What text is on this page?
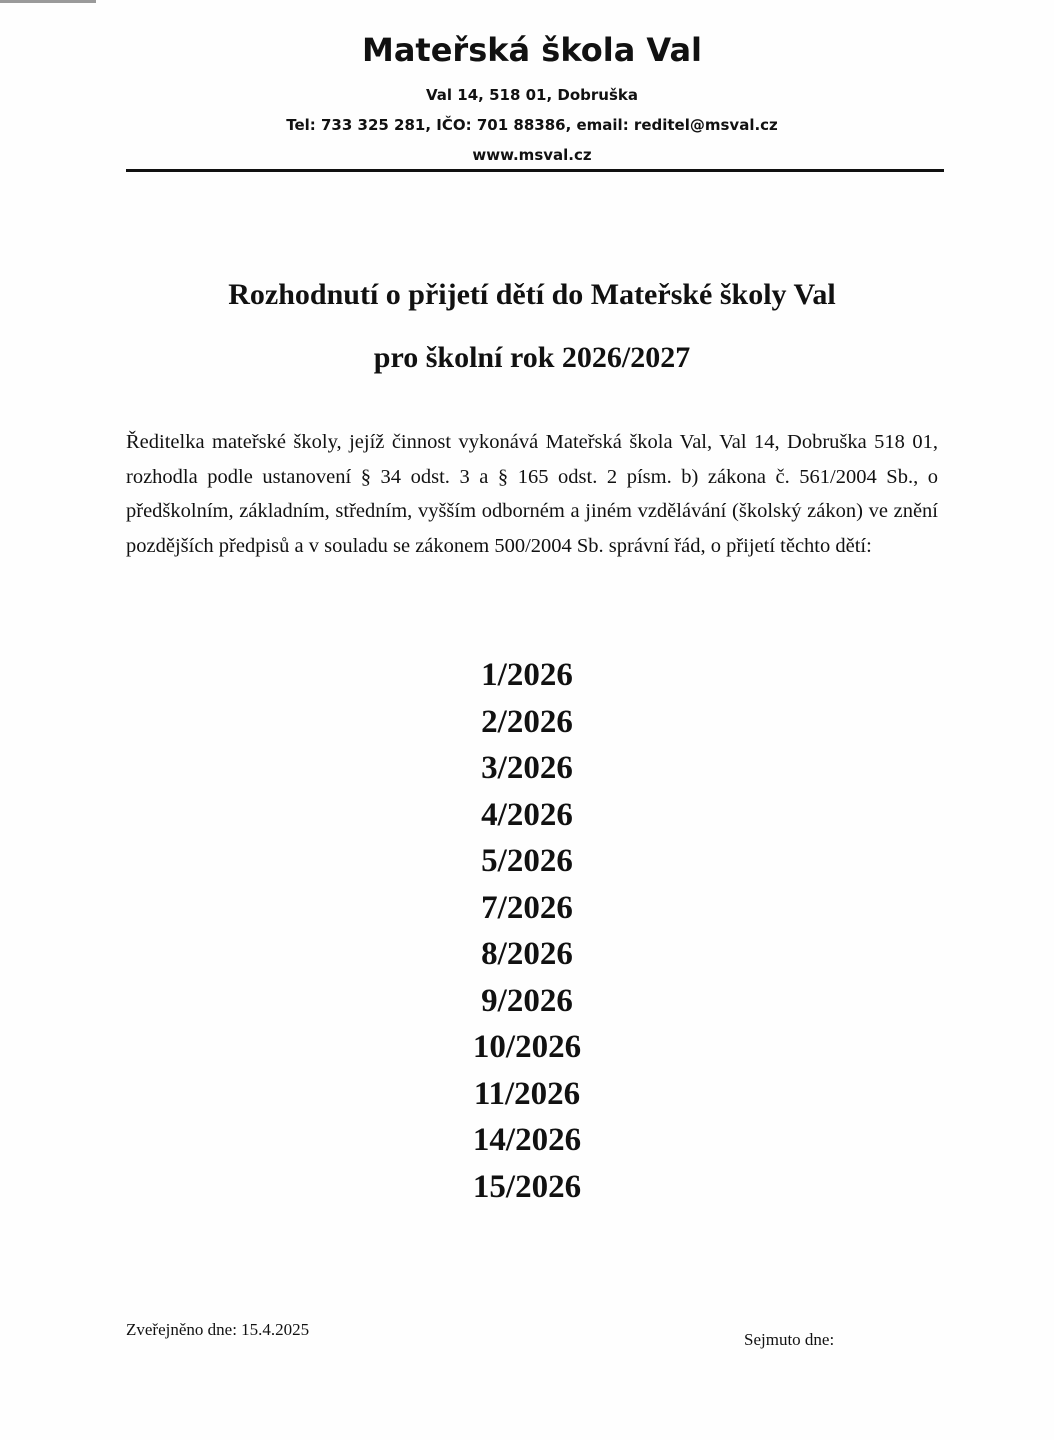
Mateřská škola Val
Val 14, 518 01, Dobruška
Tel: 733 325 281, IČO: 701 88386, email: reditel@msval.cz
www.msval.cz
Rozhodnutí o přijetí dětí do Mateřské školy Val
pro školní rok 2026/2027
Ředitelka mateřské školy, jejíž činnost vykonává Mateřská škola Val, Val 14, Dobruška 518 01, rozhodla podle ustanovení § 34 odst. 3 a § 165 odst. 2 písm. b) zákona č. 561/2004 Sb., o předškolním, základním, středním, vyšším odborném a jiném vzdělávání (školský zákon) ve znění pozdějších předpisů a v souladu se zákonem 500/2004 Sb. správní řád, o přijetí těchto dětí:
1/2026
2/2026
3/2026
4/2026
5/2026
7/2026
8/2026
9/2026
10/2026
11/2026
14/2026
15/2026
Zveřejněno dne: 15.4.2025
Sejmuto dne:
